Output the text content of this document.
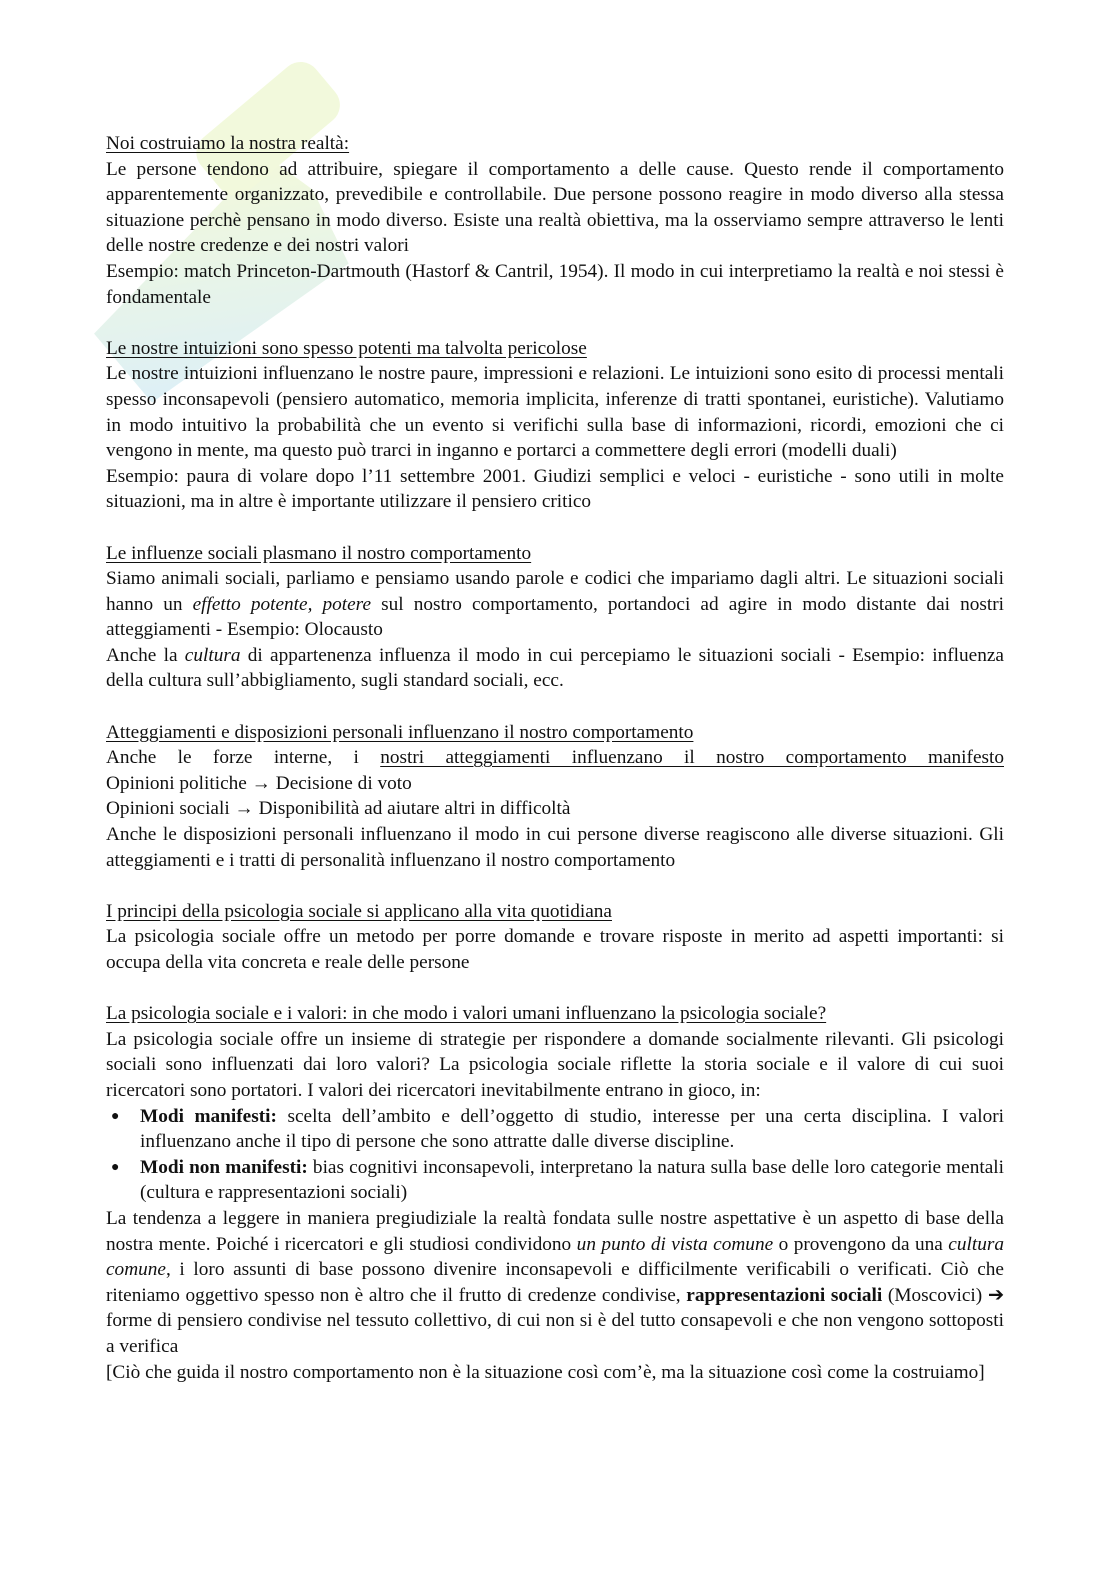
Noi costruiamo la nostra realtà:

Le persone tendono ad attribuire, spiegare il comportamento a delle cause. Questo rende il comportamento apparentemente organizzato, prevedibile e controllabile. Due persone possono reagire in modo diverso alla stessa situazione perchè pensano in modo diverso. Esiste una realtà obiettiva, ma la osserviamo sempre attraverso le lenti delle nostre credenze e dei nostri valori

Esempio: match Princeton-Dartmouth (Hastorf & Cantril, 1954). Il modo in cui interpretiamo la realtà e noi stessi è fondamentale

Le nostre intuizioni sono spesso potenti ma talvolta pericolose

Le nostre intuizioni influenzano le nostre paure, impressioni e relazioni. Le intuizioni sono esito di processi mentali spesso inconsapevoli (pensiero automatico, memoria implicita, inferenze di tratti spontanei, euristiche). Valutiamo in modo intuitivo la probabilità che un evento si verifichi sulla base di informazioni, ricordi, emozioni che ci vengono in mente, ma questo può trarci in inganno e portarci a commettere degli errori (modelli duali)

Esempio: paura di volare dopo l’11 settembre 2001. Giudizi semplici e veloci - euristiche - sono utili in molte situazioni, ma in altre è importante utilizzare il pensiero critico

Le influenze sociali plasmano il nostro comportamento

Siamo animali sociali, parliamo e pensiamo usando parole e codici che impariamo dagli altri. Le situazioni sociali hanno un effetto potente, potere sul nostro comportamento, portandoci ad agire in modo distante dai nostri atteggiamenti - Esempio: Olocausto

Anche la cultura di appartenenza influenza il modo in cui percepiamo le situazioni sociali - Esempio: influenza della cultura sull’abbigliamento, sugli standard sociali, ecc.

Atteggiamenti e disposizioni personali influenzano il nostro comportamento

Anche le forze interne, i nostri atteggiamenti influenzano il nostro comportamento manifesto

Opinioni politiche → Decisione di voto

Opinioni sociali → Disponibilità ad aiutare altri in difficoltà

Anche le disposizioni personali influenzano il modo in cui persone diverse reagiscono alle diverse situazioni. Gli atteggiamenti e i tratti di personalità influenzano il nostro comportamento

I principi della psicologia sociale si applicano alla vita quotidiana

La psicologia sociale offre un metodo per porre domande e trovare risposte in merito ad aspetti importanti: si occupa della vita concreta e reale delle persone

La psicologia sociale e i valori: in che modo i valori umani influenzano la psicologia sociale?

La psicologia sociale offre un insieme di strategie per rispondere a domande socialmente rilevanti. Gli psicologi sociali sono influenzati dai loro valori? La psicologia sociale riflette la storia sociale e il valore di cui suoi ricercatori sono portatori. I valori dei ricercatori inevitabilmente entrano in gioco, in:

● Modi manifesti: scelta dell’ambito e dell’oggetto di studio, interesse per una certa disciplina. I valori influenzano anche il tipo di persone che sono attratte dalle diverse discipline.
● Modi non manifesti: bias cognitivi inconsapevoli, interpretano la natura sulla base delle loro categorie mentali (cultura e rappresentazioni sociali)

La tendenza a leggere in maniera pregiudiziale la realtà fondata sulle nostre aspettative è un aspetto di base della nostra mente. Poiché i ricercatori e gli studiosi condividono un punto di vista comune o provengono da una cultura comune, i loro assunti di base possono divenire inconsapevoli e difficilmente verificabili o verificati. Ciò che riteniamo oggettivo spesso non è altro che il frutto di credenze condivise, rappresentazioni sociali (Moscovici) ➔ forme di pensiero condivise nel tessuto collettivo, di cui non si è del tutto consapevoli e che non vengono sottoposti a verifica

[Ciò che guida il nostro comportamento non è la situazione così com’è, ma la situazione così come la costruiamo]
